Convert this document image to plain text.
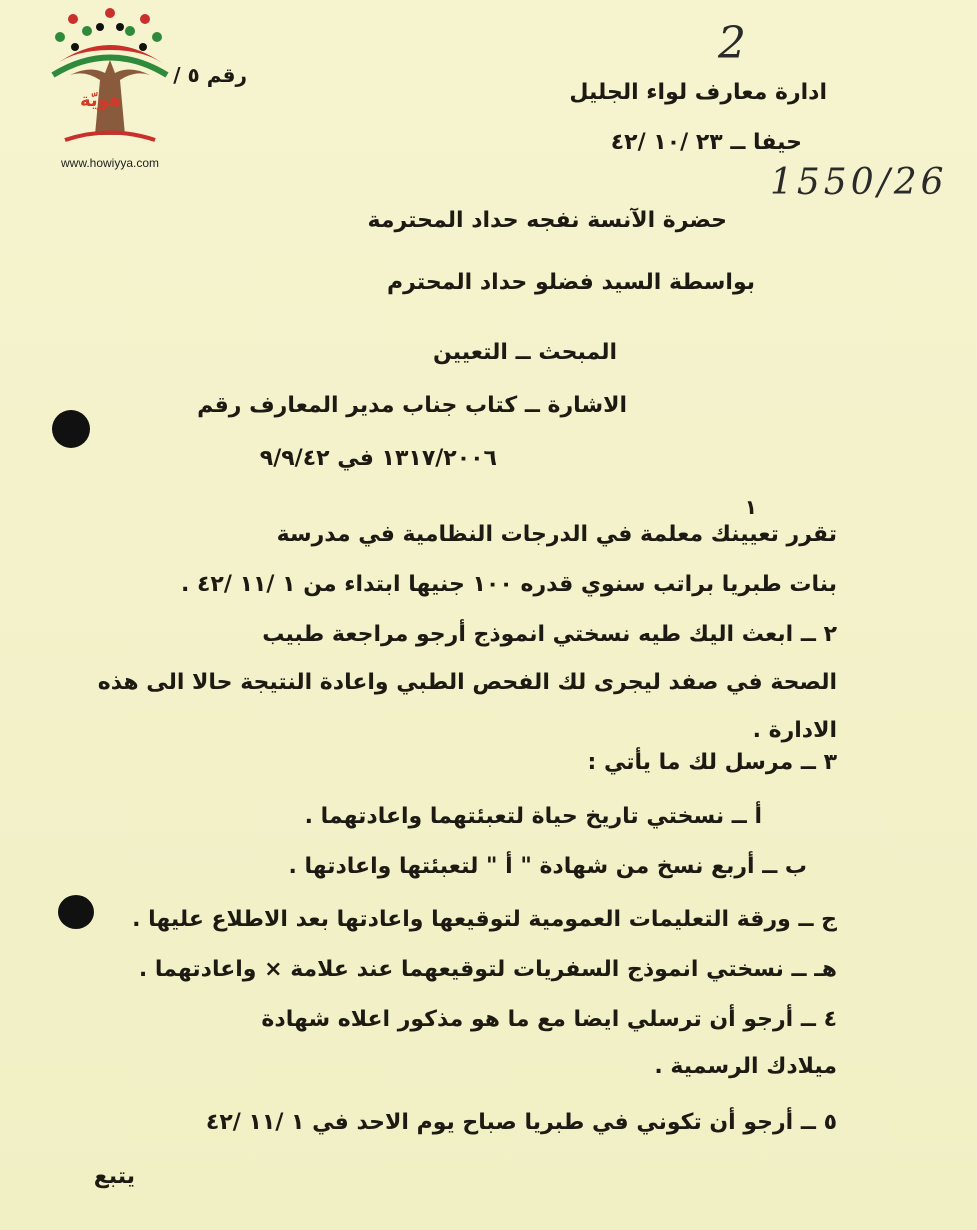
هويّة
www.howiyya.com
2
1550/26
رقم ٥ /
ادارة معارف لواء الجليل
حيفا ــ ٢٣ /١٠ /٤٢
حضرة الآنسة نفجه حداد المحترمة
بواسطة السيد فضلو حداد المحترم
المبحث ــ التعيين
الاشارة ــ كتاب جناب مدير المعارف رقم
١٣١٧/٢٠٠٦ في ٩/٩/٤٢
١
تقرر تعيينك معلمة في الدرجات النظامية في مدرسة
بنات طبريا براتب سنوي قدره ١٠٠ جنيها ابتداء من ١ /١١ /٤٢ .
٢ ــ ابعث اليك طيه نسختي انموذج أرجو مراجعة طبيب
الصحة في صفد ليجرى لك الفحص الطبي واعادة النتيجة حالا الى هذه
الادارة .
٣ ــ مرسل لك ما يأتي :
أ ــ نسختي تاريخ حياة لتعبئتهما واعادتهما .
ب ــ أربع نسخ من شهادة " أ " لتعبئتها واعادتها .
ج ــ ورقة التعليمات العمومية لتوقيعها واعادتها بعد الاطلاع عليها .
هـ ــ نسختي انموذج السفريات لتوقيعهما عند علامة × واعادتهما .
٤ ــ أرجو أن ترسلي ايضا مع ما هو مذكور اعلاه شهادة
ميلادك الرسمية .
٥ ــ أرجو أن تكوني في طبريا صباح يوم الاحد في ١ /١١ /٤٢
يتبع
